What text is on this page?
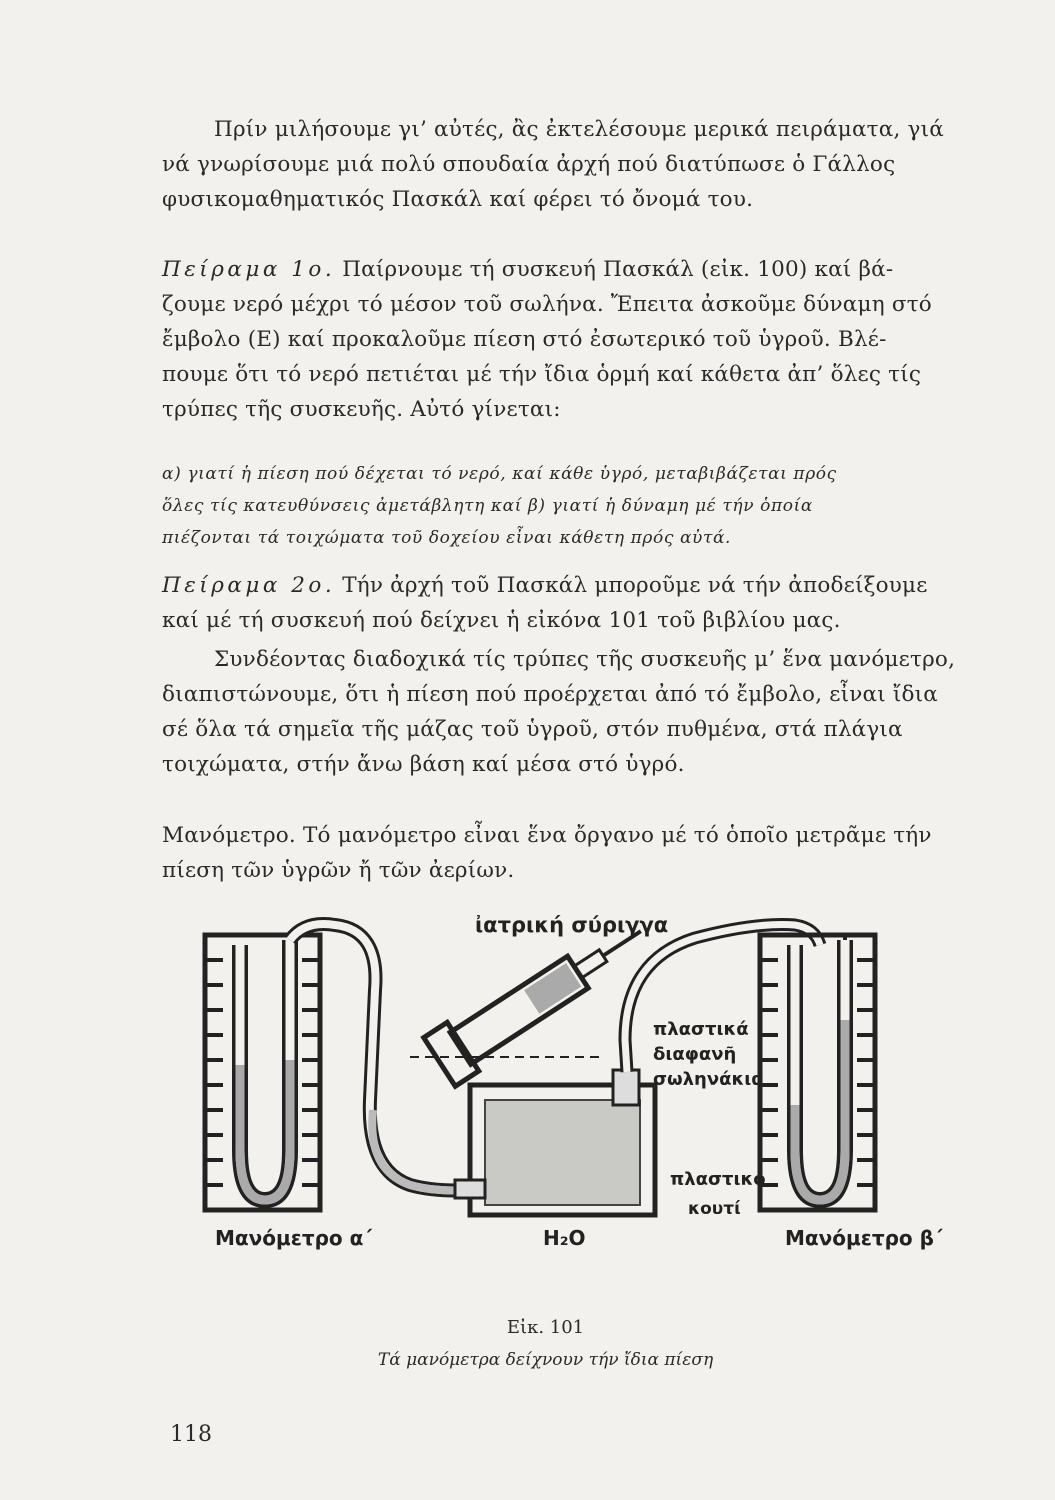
Πρίν μιλήσουμε γι’ αὐτές, ἂς ἐκτελέσουμε μερικά πειράματα, γιά
νά γνωρίσουμε μιά πολύ σπουδαία ἀρχή πού διατύπωσε ὁ Γάλλος
φυσικομαθηματικός Πασκάλ καί φέρει τό ὄνομά του.
Πείραμα 1ο. Παίρνουμε τή συσκευή Πασκάλ (εἰκ. 100) καί βά-
ζουμε νερό μέχρι τό μέσον τοῦ σωλήνα. Ἔπειτα ἀσκοῦμε δύναμη στό
ἔμβολο (Ε) καί προκαλοῦμε πίεση στό ἐσωτερικό τοῦ ὑγροῦ. Βλέ-
πουμε ὅτι τό νερό πετιέται μέ τήν ἴδια ὁρμή καί κάθετα ἀπ’ ὅλες τίς
τρύπες τῆς συσκευῆς. Αὐτό γίνεται:
α) γιατί ἡ πίεση πού δέχεται τό νερό, καί κάθε ὑγρό, μεταβιβάζεται πρός
ὅλες τίς κατευθύνσεις ἀμετάβλητη καί β) γιατί ἡ δύναμη μέ τήν ὁποία
πιέζονται τά τοιχώματα τοῦ δοχείου εἶναι κάθετη πρός αὐτά.
Πείραμα 2ο. Τήν ἀρχή τοῦ Πασκάλ μποροῦμε νά τήν ἀποδείξουμε
καί μέ τή συσκευή πού δείχνει ἡ εἰκόνα 101 τοῦ βιβλίου μας.
Συνδέοντας διαδοχικά τίς τρύπες τῆς συσκευῆς μ’ ἕνα μανόμετρο,
διαπιστώνουμε, ὅτι ἡ πίεση πού προέρχεται ἀπό τό ἔμβολο, εἶναι ἴδια
σέ ὅλα τά σημεῖα τῆς μάζας τοῦ ὑγροῦ, στόν πυθμένα, στά πλάγια
τοιχώματα, στήν ἄνω βάση καί μέσα στό ὑγρό.
Μανόμετρο. Τό μανόμετρο εἶναι ἕνα ὄργανο μέ τό ὁποῖο μετρᾶμε τήν
πίεση τῶν ὑγρῶν ἤ τῶν ἀερίων.
ἰατρική σύριγγα
πλαστικά
διαφανῆ
σωληνάκια
πλαστικό
κουτί
Μανόμετρο α΄	H₂O	Μανόμετρο β΄
Εἰκ. 101
Τά μανόμετρα δείχνουν τήν ἴδια πίεση
118
